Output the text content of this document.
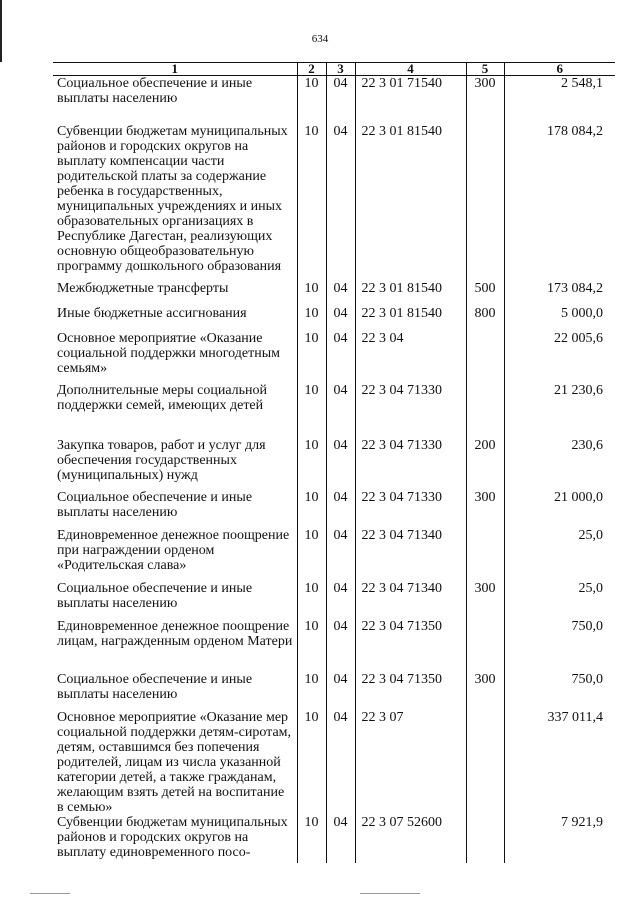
634
1	2	3	4	5	6
Социальное обеспечение и иные выплаты населению	10	04	22 3 01 71540	300	2 548,1
Субвенции бюджетам муниципальных районов и городских округов на выплату компенсации части родительской платы за содержание ребенка в государственных, муниципальных учреждениях и иных образовательных организациях в Республике Дагестан, реализующих основную общеобразовательную программу дошкольного образования	10	04	22 3 01 81540		178 084,2
Межбюджетные трансферты	10	04	22 3 01 81540	500	173 084,2
Иные бюджетные ассигнования	10	04	22 3 01 81540	800	5 000,0
Основное мероприятие «Оказание социальной поддержки многодетным семьям»	10	04	22 3 04		22 005,6
Дополнительные меры социальной поддержки семей, имеющих детей	10	04	22 3 04 71330		21 230,6
Закупка товаров, работ и услуг для обеспечения государственных (муниципальных) нужд	10	04	22 3 04 71330	200	230,6
Социальное обеспечение и иные выплаты населению	10	04	22 3 04 71330	300	21 000,0
Единовременное денежное поощрение при награждении орденом «Родительская слава»	10	04	22 3 04 71340		25,0
Социальное обеспечение и иные выплаты населению	10	04	22 3 04 71340	300	25,0
Единовременное денежное поощрение лицам, награжденным орденом Матери	10	04	22 3 04 71350		750,0
Социальное обеспечение и иные выплаты населению	10	04	22 3 04 71350	300	750,0
Основное мероприятие «Оказание мер социальной поддержки детям-сиротам, детям, оставшимся без попечения родителей, лицам из числа указанной категории детей, а также гражданам, желающим взять детей на воспитание в семью»	10	04	22 3 07		337 011,4
Субвенции бюджетам муниципальных районов и городских округов на выплату единовременного посо-	10	04	22 3 07 52600		7 921,9
